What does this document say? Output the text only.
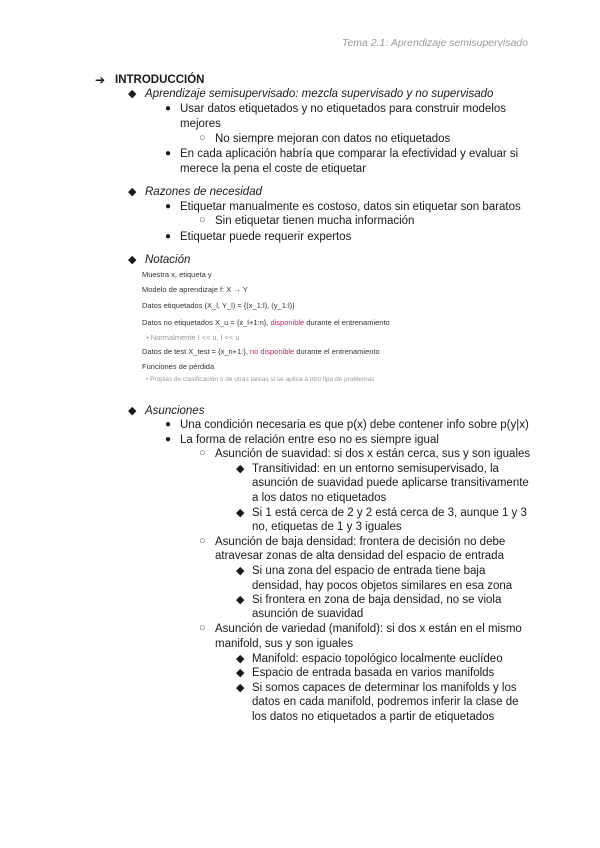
Tema 2.1: Aprendizaje semisupervisado
➔ INTRODUCCIÓN
◆ Aprendizaje semisupervisado: mezcla supervisado y no supervisado
● Usar datos etiquetados y no etiquetados para construir modelos
mejores
○ No siempre mejoran con datos no etiquetados
● En cada aplicación habría que comparar la efectividad y evaluar si
merece la pena el coste de etiquetar
◆ Razones de necesidad
● Etiquetar manualmente es costoso, datos sin etiquetar son baratos
○ Sin etiquetar tienen mucha información
● Etiquetar puede requerir expertos
◆ Notación
Muestra x, etiqueta y
Modelo de aprendizaje f: X → Y
Datos etiquetados (X_l, Y_l) = {(x_1:l), (y_1:l)}
Datos no etiquetados X_u = {x_l+1:n}, disponible durante el entrenamiento
• Normalmente l << u, l << u
Datos de test X_test = {x_n+1:}, no disponible durante el entrenamiento
Funciones de pérdida
• Propias de clasificación o de otras tareas si se aplica a otro tipo de problemas
◆ Asunciones
● Una condición necesaria es que p(x) debe contener info sobre p(y|x)
● La forma de relación entre eso no es siempre igual
○ Asunción de suavidad: si dos x están cerca, sus y son iguales
◆ Transitividad: en un entorno semisupervisado, la
asunción de suavidad puede aplicarse transitivamente
a los datos no etiquetados
◆ Si 1 está cerca de 2 y 2 está cerca de 3, aunque 1 y 3
no, etiquetas de 1 y 3 iguales
○ Asunción de baja densidad: frontera de decisión no debe
atravesar zonas de alta densidad del espacio de entrada
◆ Si una zona del espacio de entrada tiene baja
densidad, hay pocos objetos similares en esa zona
◆ Si frontera en zona de baja densidad, no se viola
asunción de suavidad
○ Asunción de variedad (manifold): si dos x están en el mismo
manifold, sus y son iguales
◆ Manifold: espacio topológico localmente euclídeo
◆ Espacio de entrada basada en varios manifolds
◆ Si somos capaces de determinar los manifolds y los
datos en cada manifold, podremos inferir la clase de
los datos no etiquetados a partir de etiquetados
